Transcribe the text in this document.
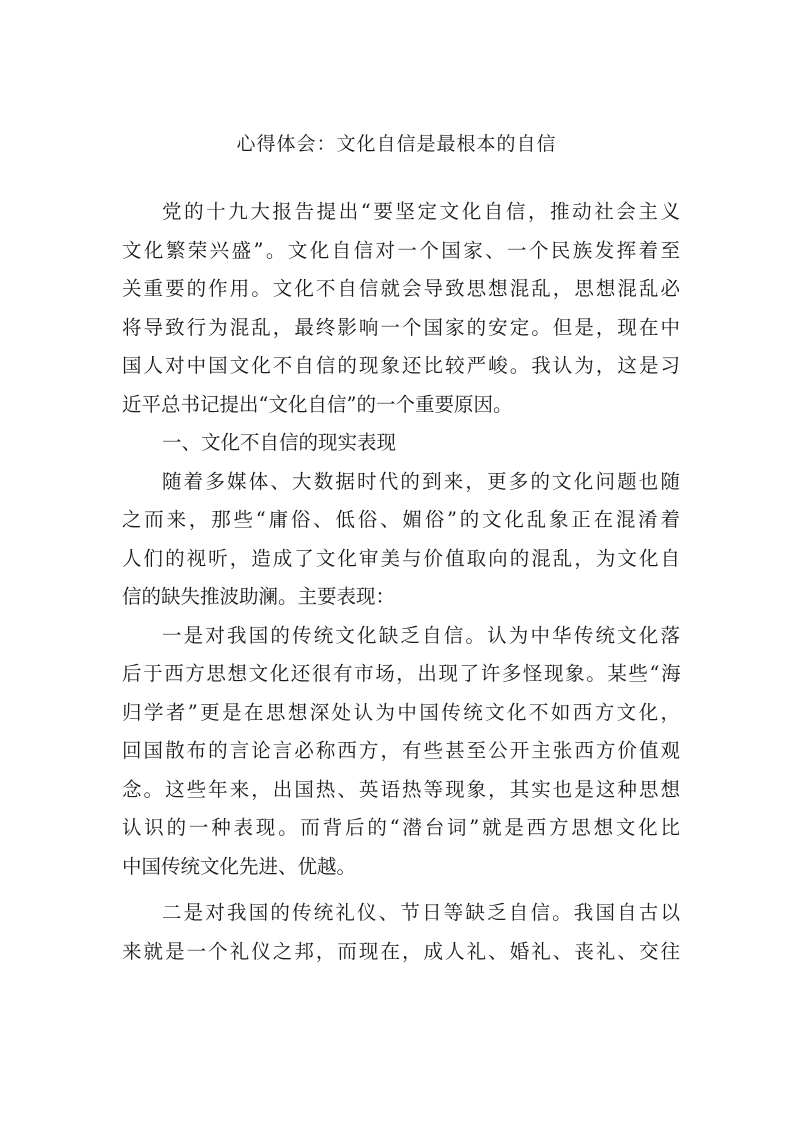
心得体会：文化自信是最根本的自信
党的十九大报告提出“要坚定文化自信，推动社会主义
文化繁荣兴盛”。文化自信对一个国家、一个民族发挥着至
关重要的作用。文化不自信就会导致思想混乱，思想混乱必
将导致行为混乱，最终影响一个国家的安定。但是，现在中
国人对中国文化不自信的现象还比较严峻。我认为，这是习
近平总书记提出“文化自信”的一个重要原因。
一、文化不自信的现实表现
随着多媒体、大数据时代的到来，更多的文化问题也随
之而来，那些“庸俗、低俗、媚俗”的文化乱象正在混淆着
人们的视听，造成了文化审美与价值取向的混乱，为文化自
信的缺失推波助澜。主要表现：
一是对我国的传统文化缺乏自信。认为中华传统文化落
后于西方思想文化还很有市场，出现了许多怪现象。某些“海
归学者”更是在思想深处认为中国传统文化不如西方文化，
回国散布的言论言必称西方，有些甚至公开主张西方价值观
念。这些年来，出国热、英语热等现象，其实也是这种思想
认识的一种表现。而背后的“潜台词”就是西方思想文化比
中国传统文化先进、优越。
二是对我国的传统礼仪、节日等缺乏自信。我国自古以
来就是一个礼仪之邦，而现在，成人礼、婚礼、丧礼、交往
